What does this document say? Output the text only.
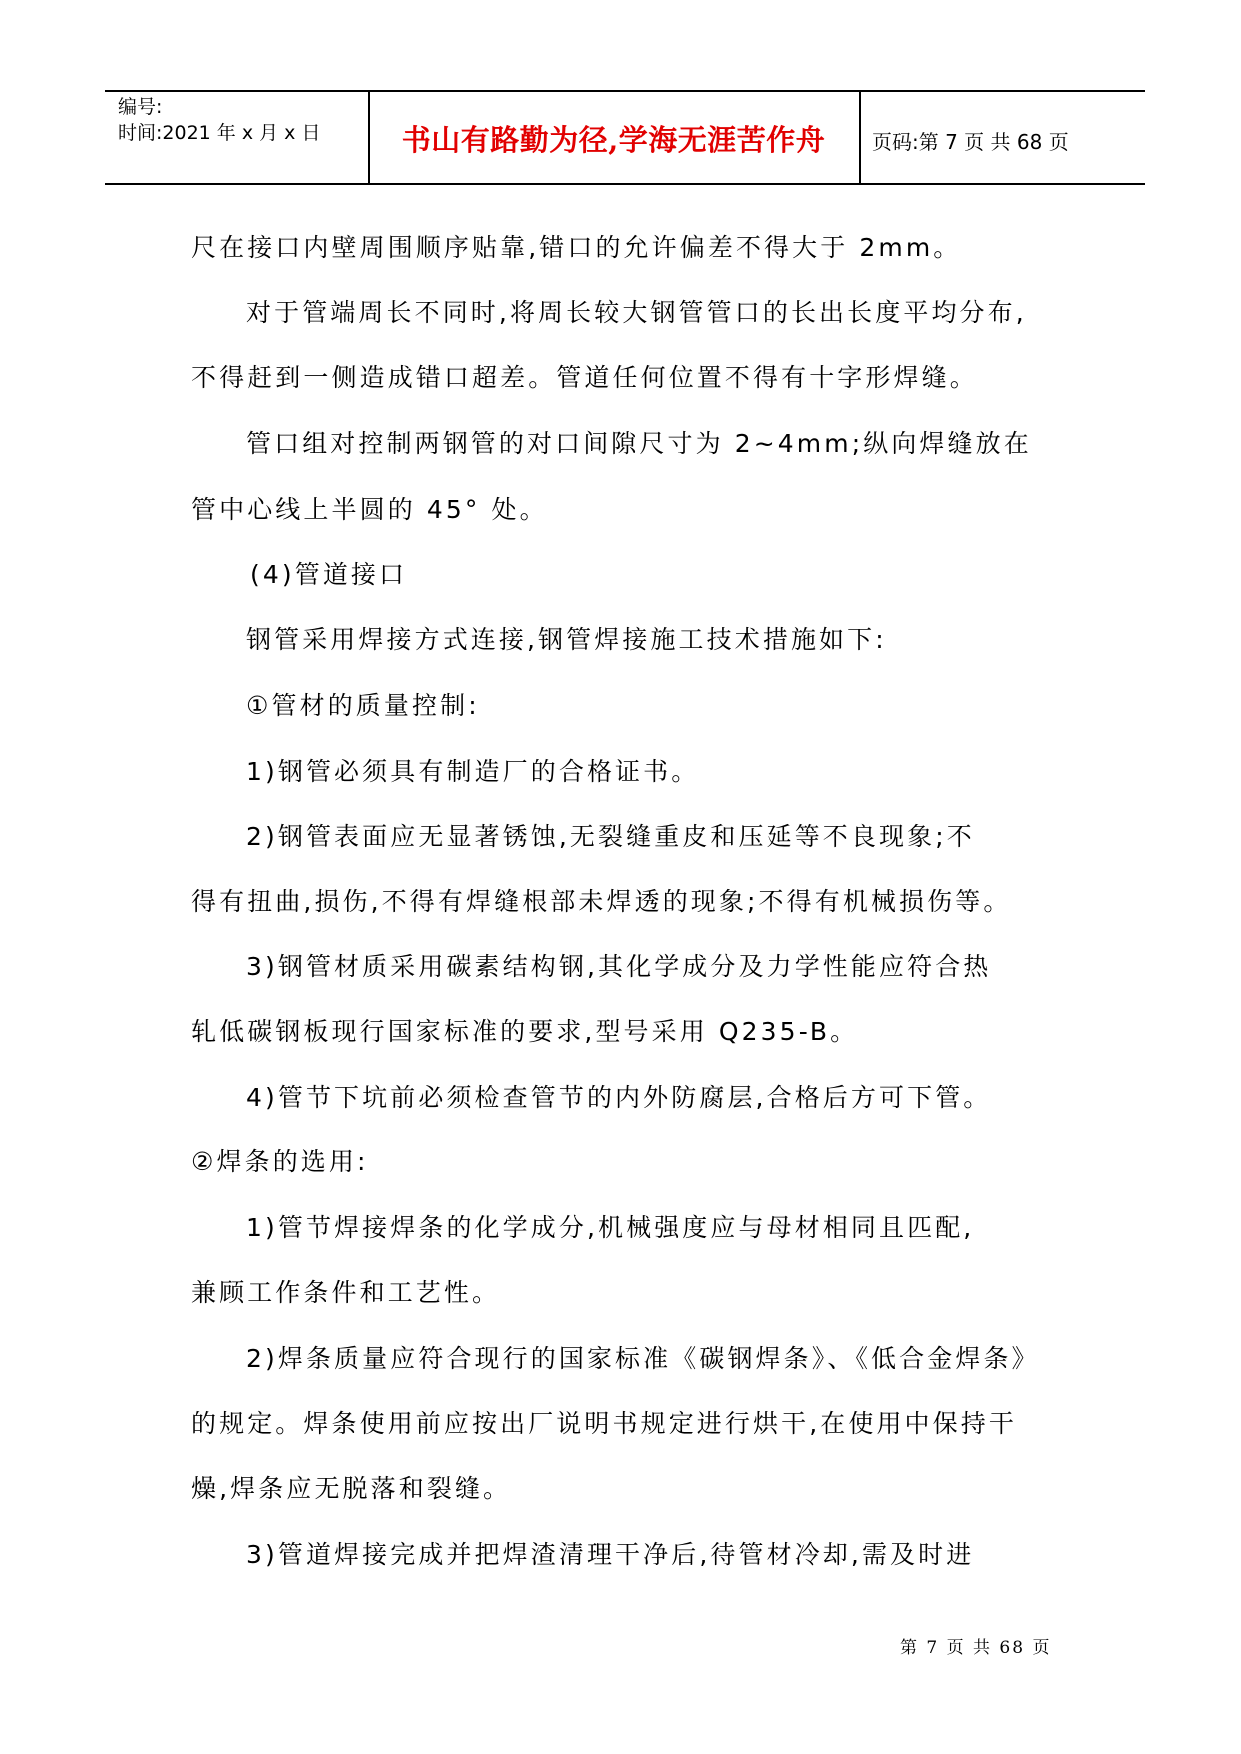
编号:
时间:2021 年 x 月 x 日	书山有路勤为径,学海无涯苦作舟	页码:第 7 页 共 68 页
尺在接口内壁周围顺序贴靠,错口的允许偏差不得大于 2mm。
对于管端周长不同时,将周长较大钢管管口的长出长度平均分布,
不得赶到一侧造成错口超差。管道任何位置不得有十字形焊缝。
管口组对控制两钢管的对口间隙尺寸为 2~4mm;纵向焊缝放在
管中心线上半圆的 45° 处。
(4)管道接口
钢管采用焊接方式连接,钢管焊接施工技术措施如下:
①管材的质量控制:
1)钢管必须具有制造厂的合格证书。
2)钢管表面应无显著锈蚀,无裂缝重皮和压延等不良现象;不
得有扭曲,损伤,不得有焊缝根部未焊透的现象;不得有机械损伤等。
3)钢管材质采用碳素结构钢,其化学成分及力学性能应符合热
轧低碳钢板现行国家标准的要求,型号采用 Q235-B。
4)管节下坑前必须检查管节的内外防腐层,合格后方可下管。
②焊条的选用:
1)管节焊接焊条的化学成分,机械强度应与母材相同且匹配,
兼顾工作条件和工艺性。
2)焊条质量应符合现行的国家标准《碳钢焊条》、《低合金焊条》
的规定。焊条使用前应按出厂说明书规定进行烘干,在使用中保持干
燥,焊条应无脱落和裂缝。
3)管道焊接完成并把焊渣清理干净后,待管材冷却,需及时进
第 7 页 共 68 页
